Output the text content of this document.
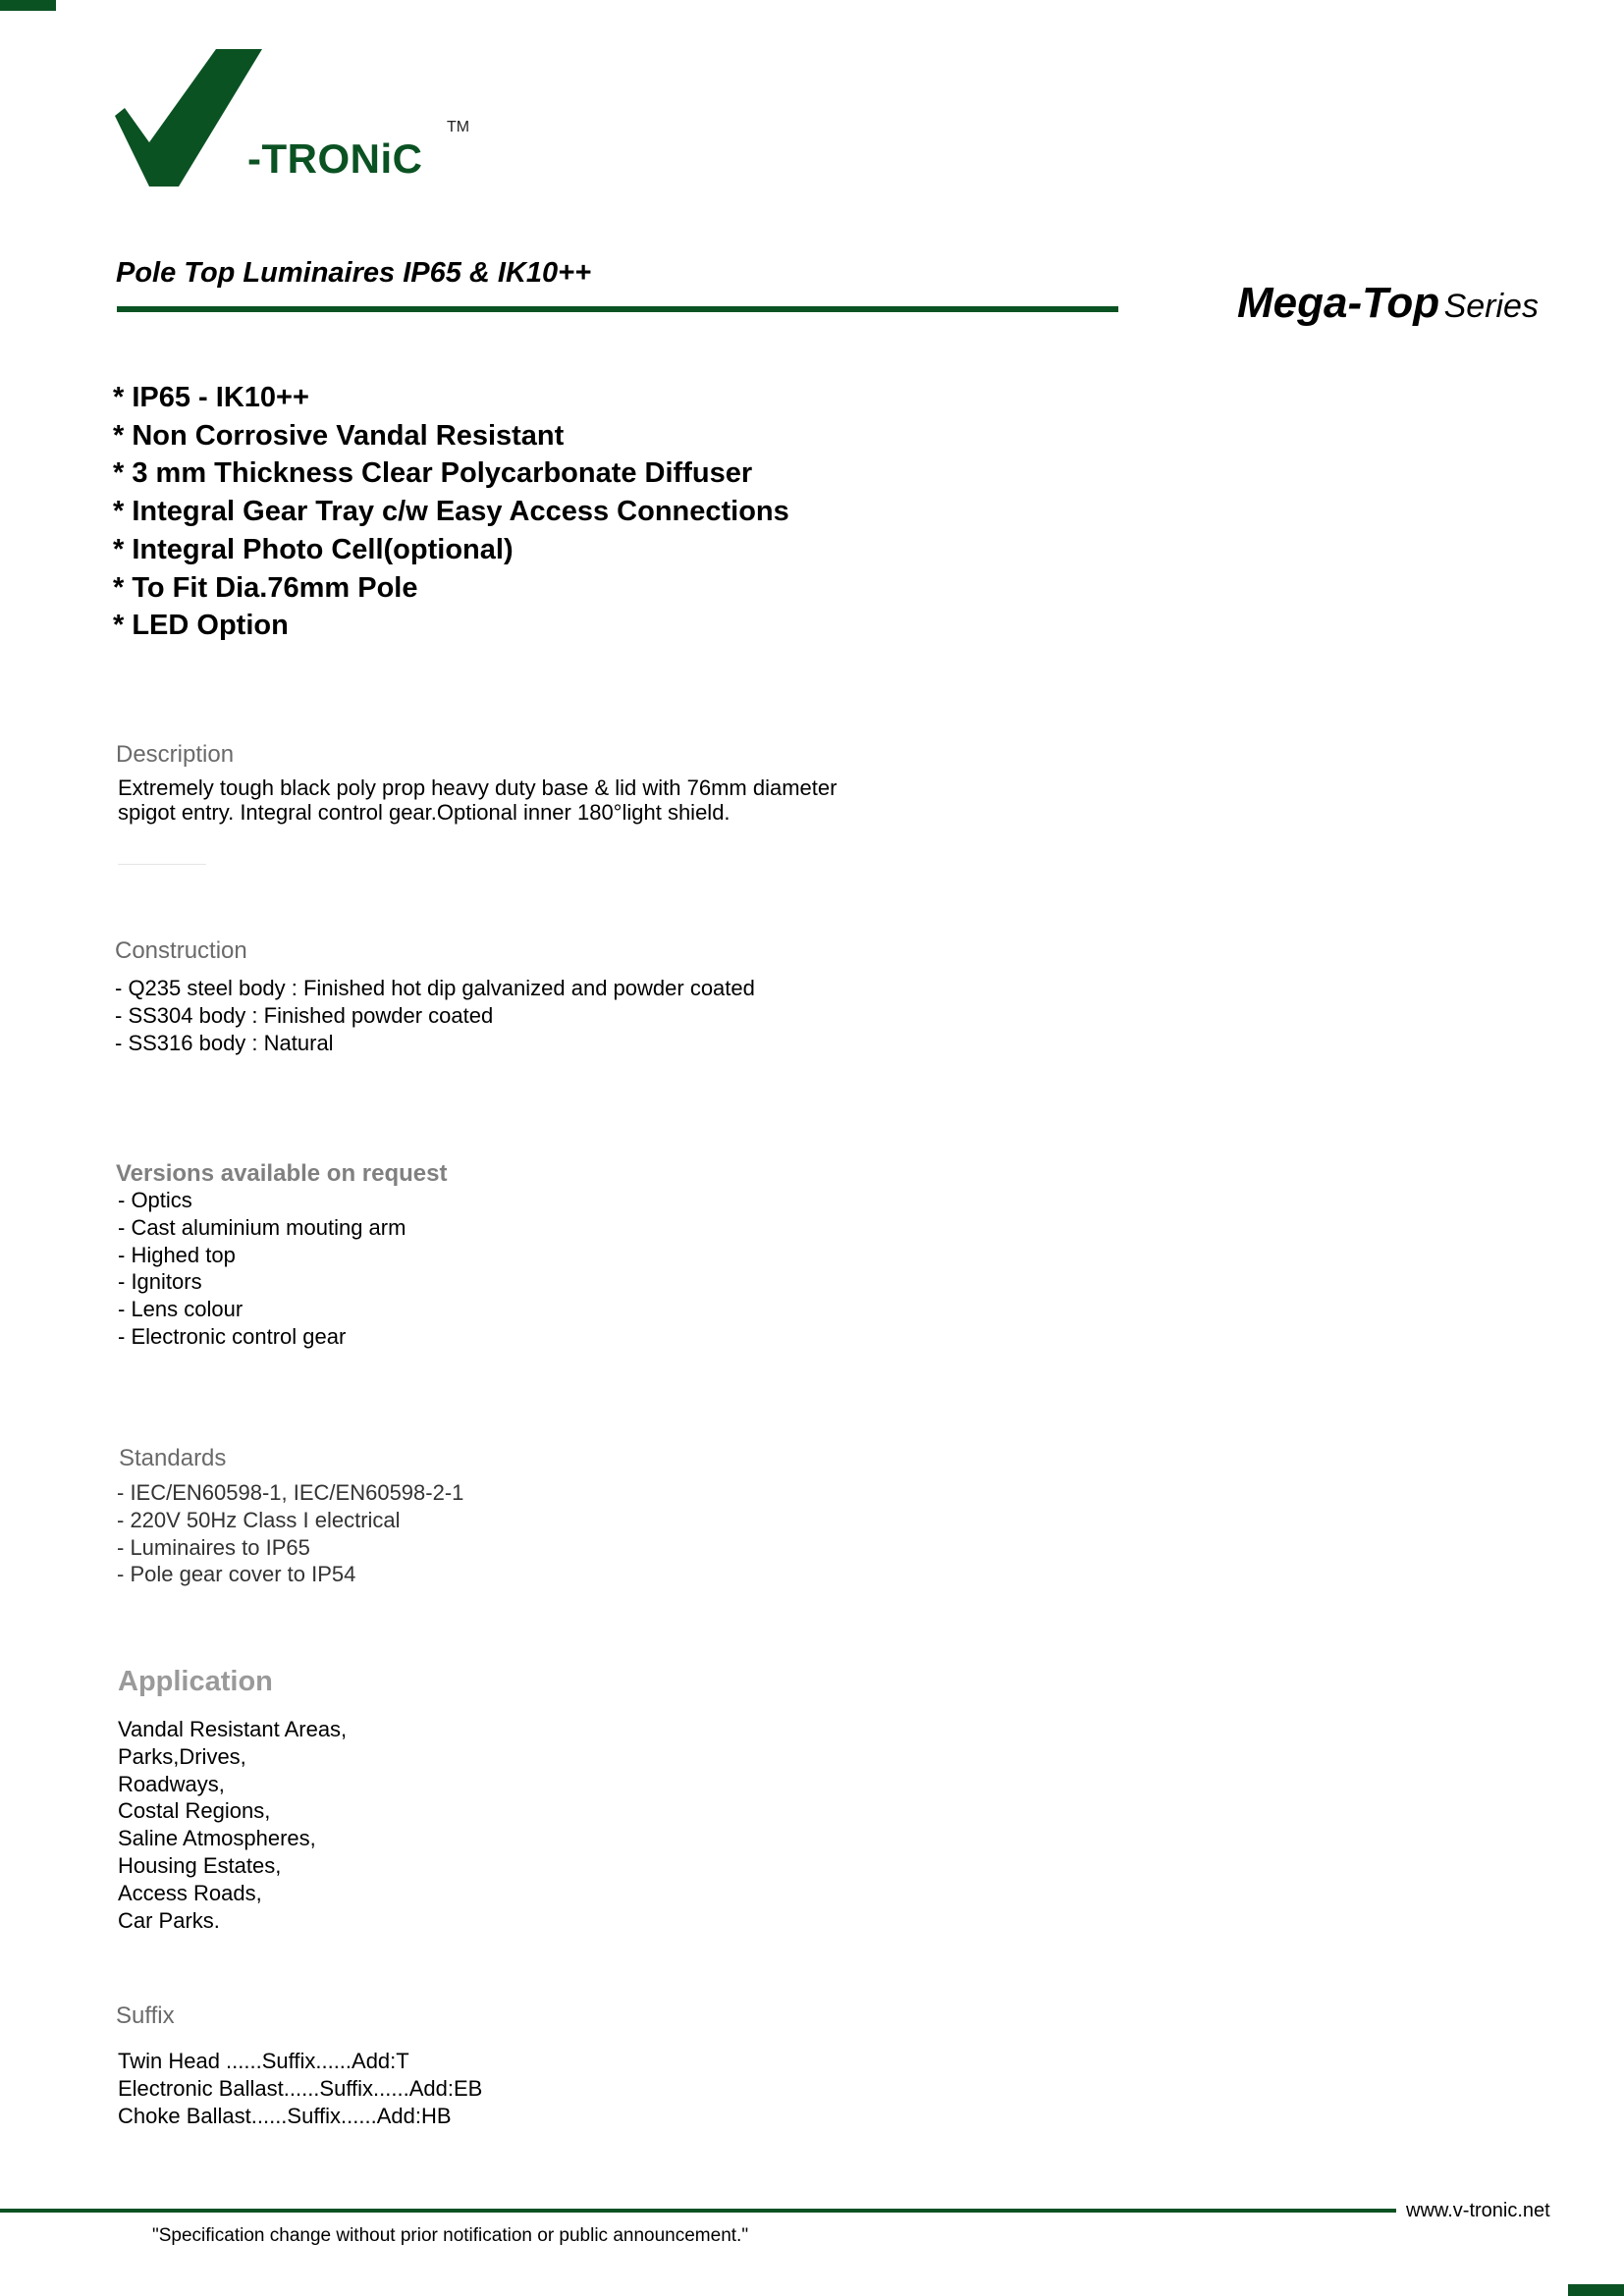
-TRONiC
TM
Pole Top Luminaires IP65 & IK10++
Mega-Top Series
* IP65 - IK10++
* Non Corrosive Vandal Resistant
* 3 mm Thickness Clear Polycarbonate Diffuser
* Integral Gear Tray c/w Easy Access Connections
* Integral Photo Cell(optional)
* To Fit Dia.76mm Pole
* LED Option
Description

Extremely tough black poly prop heavy duty base & lid with 76mm diameter

spigot entry. Integral control gear.Optional inner 180°light shield.

Construction
- Q235 steel body : Finished hot dip galvanized and powder coated
- SS304 body : Finished powder coated
- SS316 body : Natural
Versions available on request
- Optics
- Cast aluminium mouting arm
- Highed top
- Ignitors
- Lens colour
- Electronic control gear
Standards
- IEC/EN60598-1, IEC/EN60598-2-1
- 220V 50Hz Class I electrical
- Luminaires to IP65
- Pole gear cover to IP54
Application
Vandal Resistant Areas,
Parks,Drives,
Roadways,
Costal Regions,
Saline Atmospheres,
Housing Estates,
Access Roads,
Car Parks.
Suffix
Twin Head ......Suffix......Add:T
Electronic Ballast......Suffix......Add:EB
Choke Ballast......Suffix......Add:HB
www.v-tronic.net
"Specification change without prior notification or public announcement."
